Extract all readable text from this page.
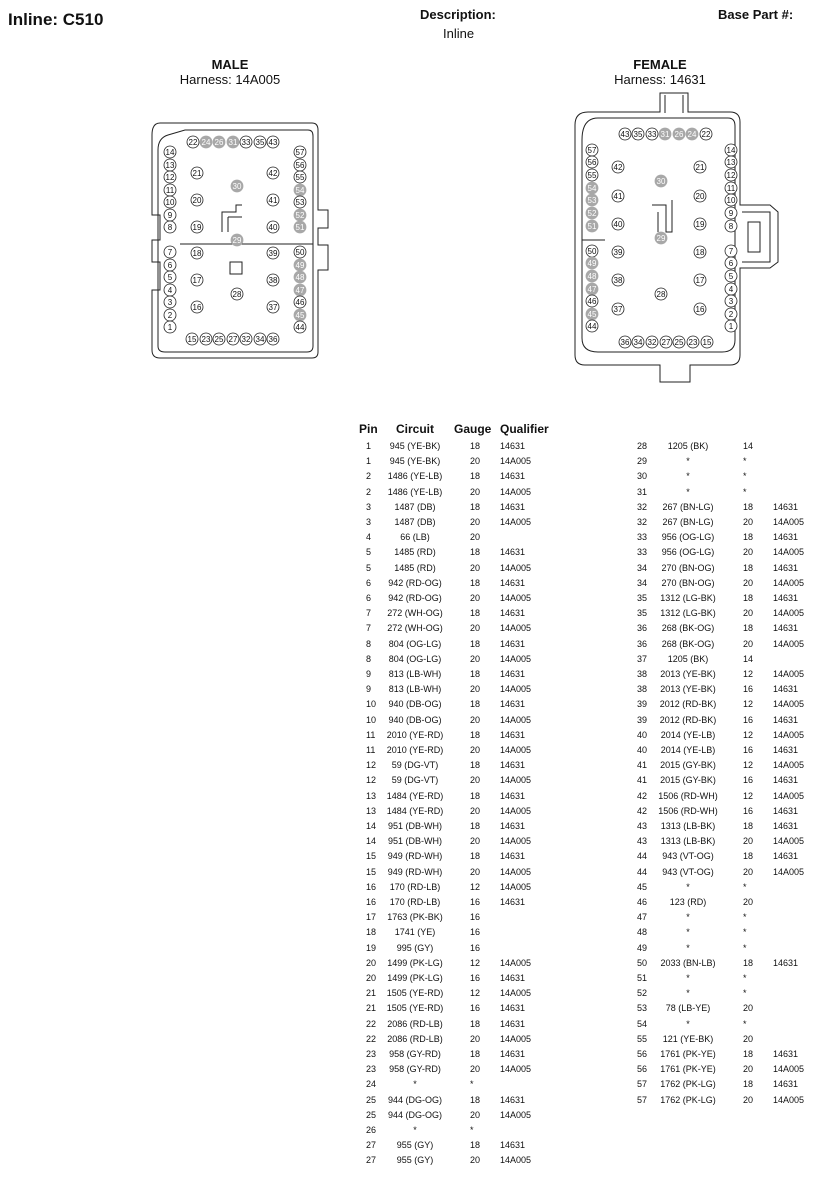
Inline: C510	Description:
Inline
Base Part #:
MALE
Harness: 14A005
FEMALE
Harness: 14631
22 24 26 31 33 35 43
14
13
12
11
10
9
8
7
6
5
4
3
2
1
21
20
19
18
17
16
30
29
28
42
41
40
39
38
37
57
56
55
54
53
52
51
50
49
48
47
46
45
44
15 23 25 27 32 34 36
43 35 33 31 26 24 22
57
56
55
54
53
52
51
50
49
48
47
46
45
44
42
41
40
39
38
37
30
29
28
21
20
19
18
17
16
14
13
12
11
10
9
8
7
6
5
4
3
2
1
36 34 32 27 25 23 15
Pin Circuit Gauge Qualifier
1	945 (YE-BK)	18 14631
1	945 (YE-BK)	20 14A005
2	1486 (YE-LB)	18 14631
2	1486 (YE-LB)	20 14A005
3	1487 (DB)	18 14631
3	1487 (DB)	20 14A005
4	66 (LB)	20
5	1485 (RD)	18 14631
5	1485 (RD)	20 14A005
6	942 (RD-OG)	18 14631
6	942 (RD-OG)	20 14A005
7	272 (WH-OG)	18 14631
7	272 (WH-OG)	20 14A005
8	804 (OG-LG)	18 14631
8	804 (OG-LG)	20 14A005
9	813 (LB-WH)	18 14631
9	813 (LB-WH)	20 14A005
10	940 (DB-OG)	18 14631
10	940 (DB-OG)	20 14A005
11	2010 (YE-RD)	18 14631
11	2010 (YE-RD)	20 14A005
12	59 (DG-VT)	18 14631
12	59 (DG-VT)	20 14A005
13	1484 (YE-RD)	18 14631
13	1484 (YE-RD)	20 14A005
14	951 (DB-WH)	18 14631
14	951 (DB-WH)	20 14A005
15	949 (RD-WH)	18 14631
15	949 (RD-WH)	20 14A005
16	170 (RD-LB)	12 14A005
16	170 (RD-LB)	16 14631
17	1763 (PK-BK)	16
18	1741 (YE)	16
19	995 (GY)	16
20	1499 (PK-LG)	12 14A005
20	1499 (PK-LG)	16 14631
21	1505 (YE-RD)	12 14A005
21	1505 (YE-RD)	16 14631
22	2086 (RD-LB)	18 14631
22	2086 (RD-LB)	20 14A005
23	958 (GY-RD)	18 14631
23	958 (GY-RD)	20 14A005
24	*	*
25	944 (DG-OG)	18 14631
25	944 (DG-OG)	20 14A005
26	*	*
27	955 (GY)	18 14631
27	955 (GY)	20 14A005
28	1205 (BK)	14
29	*	*
30	*	*
31	*	*
32	267 (BN-LG)	18 14631
32	267 (BN-LG)	20 14A005
33	956 (OG-LG)	18 14631
33	956 (OG-LG)	20 14A005
34	270 (BN-OG)	18 14631
34	270 (BN-OG)	20 14A005
35	1312 (LG-BK)	18 14631
35	1312 (LG-BK)	20 14A005
36	268 (BK-OG)	18 14631
36	268 (BK-OG)	20 14A005
37	1205 (BK)	14
38	2013 (YE-BK)	12 14A005
38	2013 (YE-BK)	16 14631
39	2012 (RD-BK)	12 14A005
39	2012 (RD-BK)	16 14631
40	2014 (YE-LB)	12 14A005
40	2014 (YE-LB)	16 14631
41	2015 (GY-BK)	12 14A005
41	2015 (GY-BK)	16 14631
42	1506 (RD-WH)	12 14A005
42	1506 (RD-WH)	16 14631
43	1313 (LB-BK)	18 14631
43	1313 (LB-BK)	20 14A005
44	943 (VT-OG)	18 14631
44	943 (VT-OG)	20 14A005
45	*	*
46	123 (RD)	20
47	*	*
48	*	*
49	*	*
50	2033 (BN-LB)	18 14631
51	*	*
52	*	*
53	78 (LB-YE)	20
54	*	*
55	121 (YE-BK)	20
56	1761 (PK-YE)	18 14631
56	1761 (PK-YE)	20 14A005
57	1762 (PK-LG)	18 14631
57	1762 (PK-LG)	20 14A005
